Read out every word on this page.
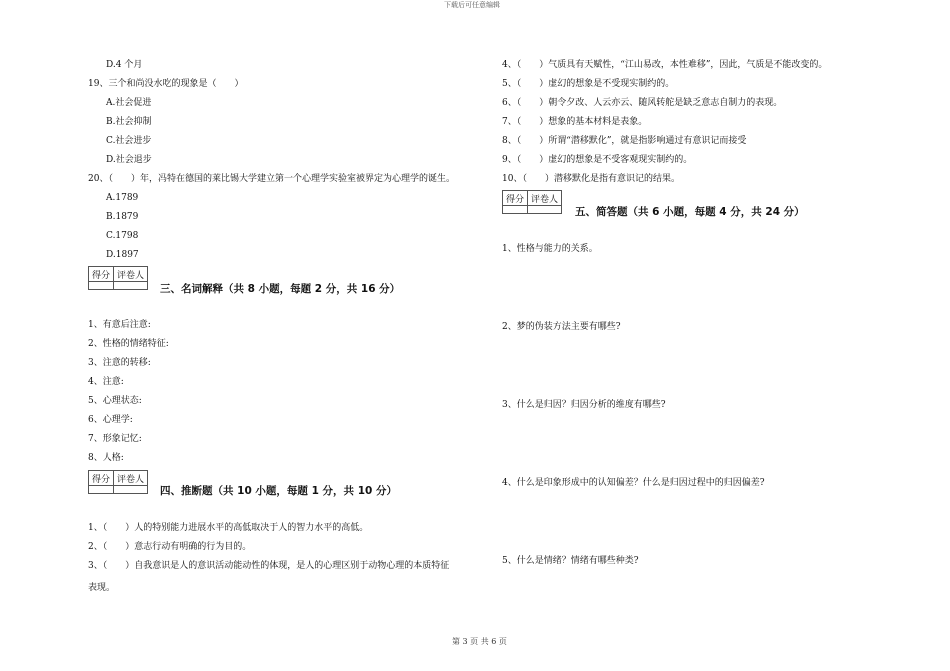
下载后可任意编辑
第 3 页 共 6 页
D.4 个月
19、三个和尚没水吃的现象是（　　）
A.社会促进
B.社会抑制
C.社会进步
D.社会退步
20、（　　）年，冯特在德国的莱比锡大学建立第一个心理学实验室被界定为心理学的诞生。
A.1789
B.1879
C.1798
D.1897
得分	评卷人

三、名词解释（共 8 小题，每题 2 分，共 16 分）
1、有意后注意:
2、性格的情绪特征:
3、注意的转移:
4、注意:
5、心理状态:
6、心理学:
7、形象记忆:
8、人格:
得分	评卷人

四、推断题（共 10 小题，每题 1 分，共 10 分）
1、（　　）人的特别能力进展水平的高低取决于人的智力水平的高低。
2、（　　）意志行动有明确的行为目的。
3、（　　）自我意识是人的意识活动能动性的体现，是人的心理区别于动物心理的本质特征
表现。
4、（　　）气质具有天赋性，“江山易改，本性难移”，因此，气质是不能改变的。
5、（　　）虚幻的想象是不受现实制约的。
6、（　　）朝令夕改、人云亦云、随风转舵是缺乏意志自制力的表现。
7、（　　）想象的基本材料是表象。
8、（　　）所谓“潜移默化”，就是指影响通过有意识记而接受
9、（　　）虚幻的想象是不受客观现实制约的。
10、（　　）潜移默化是指有意识记的结果。
得分	评卷人

五、简答题（共 6 小题，每题 4 分，共 24 分）
1、性格与能力的关系。
2、梦的伪装方法主要有哪些?
3、什么是归因？归因分析的维度有哪些?
4、什么是印象形成中的认知偏差？什么是归因过程中的归因偏差?
5、什么是情绪？情绪有哪些种类?
